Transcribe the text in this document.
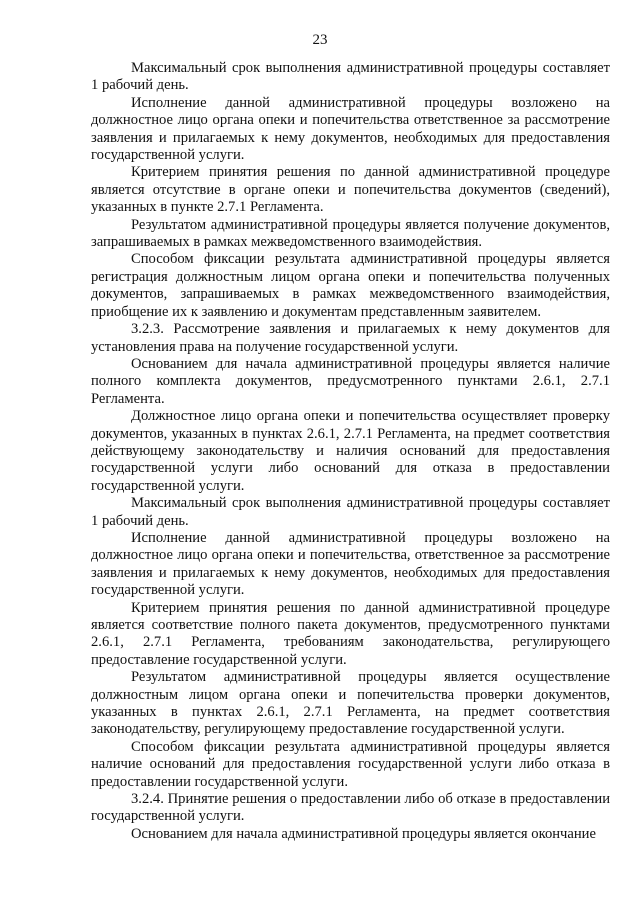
23

Максимальный срок выполнения административной процедуры составляет 1 рабочий день.

Исполнение данной административной процедуры возложено на должностное лицо органа опеки и попечительства ответственное за рассмотрение заявления и прилагаемых к нему документов, необходимых для предоставления государственной услуги.

Критерием принятия решения по данной административной процедуре является отсутствие в органе опеки и попечительства документов (сведений), указанных в пункте 2.7.1 Регламента.

Результатом административной процедуры является получение документов, запрашиваемых в рамках межведомственного взаимодействия.

Способом фиксации результата административной процедуры является регистрация должностным лицом органа опеки и попечительства полученных документов, запрашиваемых в рамках межведомственного взаимодействия, приобщение их к заявлению и документам представленным заявителем.

3.2.3. Рассмотрение заявления и прилагаемых к нему документов для установления права на получение государственной услуги.

Основанием для начала административной процедуры является наличие полного комплекта документов, предусмотренного пунктами 2.6.1, 2.7.1 Регламента.

Должностное лицо органа опеки и попечительства осуществляет проверку документов, указанных в пунктах 2.6.1, 2.7.1 Регламента, на предмет соответствия действующему законодательству и наличия оснований для предоставления государственной услуги либо оснований для отказа в предоставлении государственной услуги.

Максимальный срок выполнения административной процедуры составляет 1 рабочий день.

Исполнение данной административной процедуры возложено на должностное лицо органа опеки и попечительства, ответственное за рассмотрение заявления и прилагаемых к нему документов, необходимых для предоставления государственной услуги.

Критерием принятия решения по данной административной процедуре является соответствие полного пакета документов, предусмотренного пунктами 2.6.1, 2.7.1 Регламента, требованиям законодательства, регулирующего предоставление государственной услуги.

Результатом административной процедуры является осуществление должностным лицом органа опеки и попечительства проверки документов, указанных в пунктах 2.6.1, 2.7.1 Регламента, на предмет соответствия законодательству, регулирующему предоставление государственной услуги.

Способом фиксации результата административной процедуры является наличие оснований для предоставления государственной услуги либо отказа в предоставлении государственной услуги.

3.2.4. Принятие решения о предоставлении либо об отказе в предоставлении государственной услуги.

Основанием для начала административной процедуры является окончание
